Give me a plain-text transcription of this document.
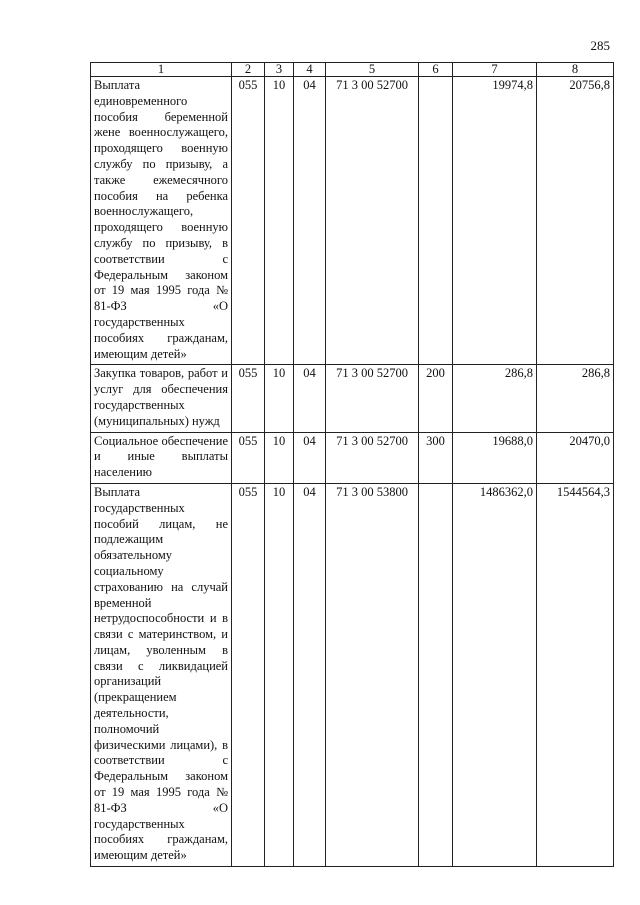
285
1	2	3	4	5	6	7	8
Выплата единовременного пособия беременной жене военнослужащего, проходящего военную службу по призыву, а также ежемесячного пособия на ребенка военнослужащего, проходящего военную службу по призыву, в соответствии с Федеральным законом от 19 мая 1995 года № 81-ФЗ «О государственных пособиях гражданам, имеющим детей»	055	10	04	71 3 00 52700		19974,8	20756,8
Закупка товаров, работ и услуг для обеспечения государственных (муниципальных) нужд	055	10	04	71 3 00 52700	200	286,8	286,8
Социальное обеспечение и иные выплаты населению	055	10	04	71 3 00 52700	300	19688,0	20470,0
Выплата государственных пособий лицам, не подлежащим обязательному социальному страхованию на случай временной нетрудоспособности и в связи с материнством, и лицам, уволенным в связи с ликвидацией организаций (прекращением деятельности, полномочий физическими лицами), в соответствии с Федеральным законом от 19 мая 1995 года № 81-ФЗ «О государственных пособиях гражданам, имеющим детей»	055	10	04	71 3 00 53800		1486362,0	1544564,3
